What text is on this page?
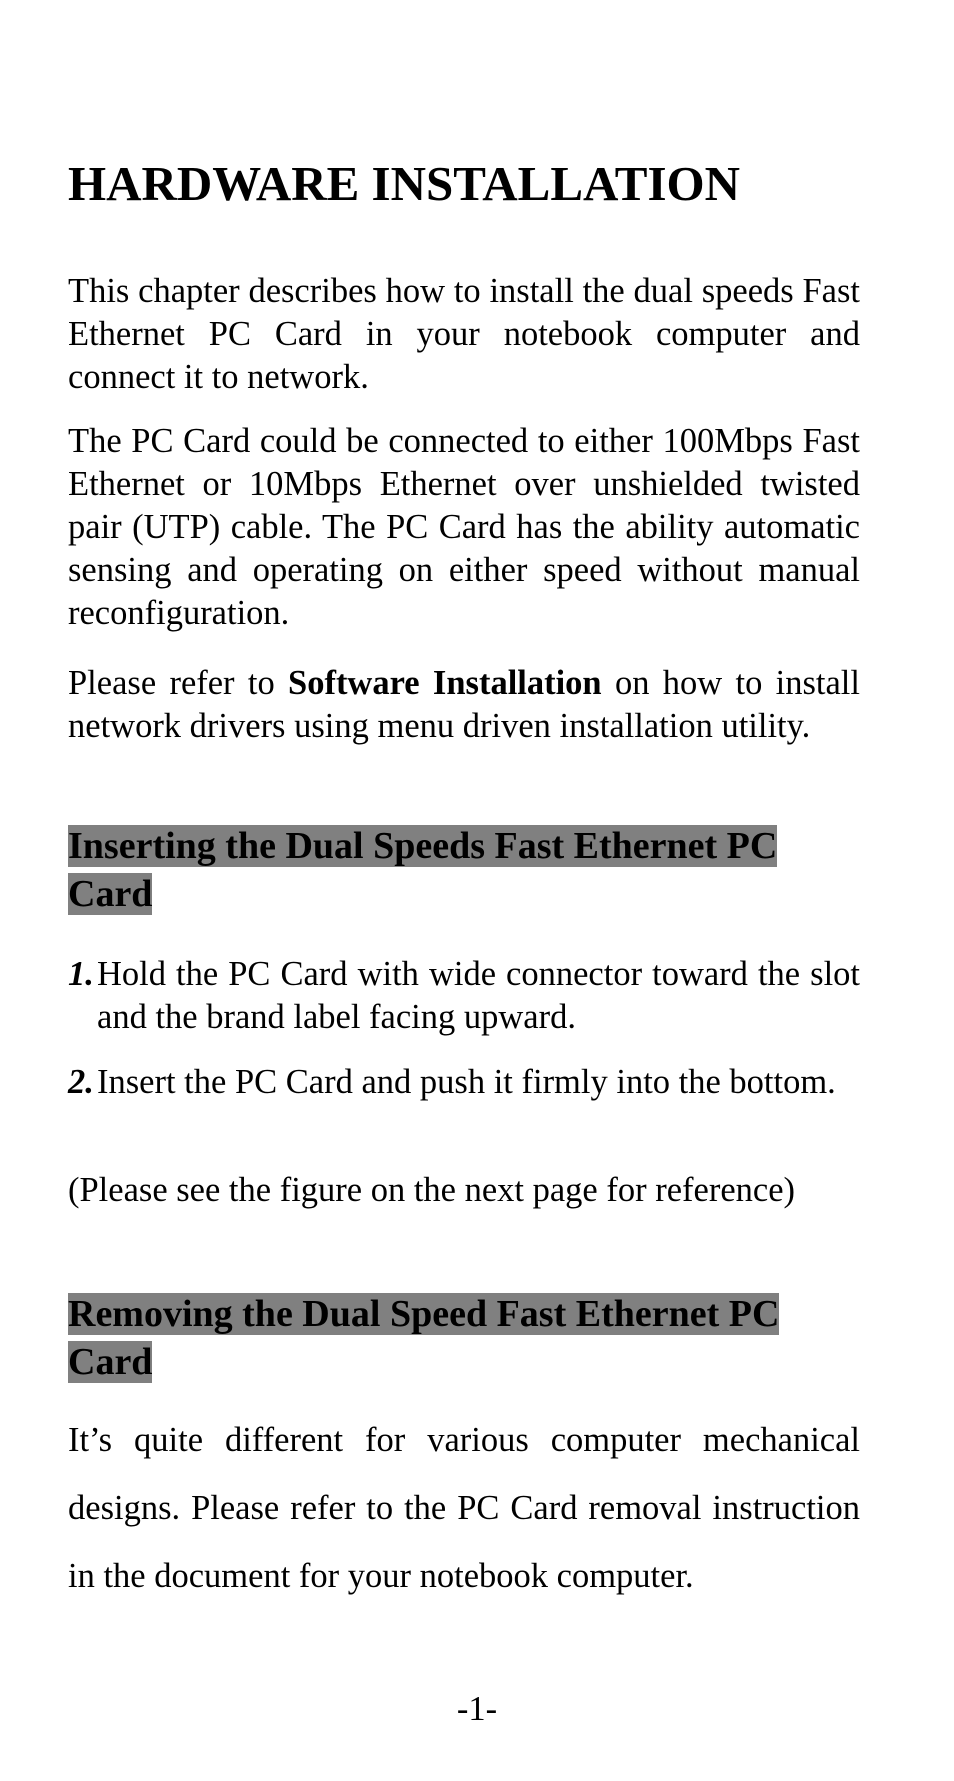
HARDWARE INSTALLATION

This chapter describes how to install the dual speeds Fast Ethernet PC Card in your notebook computer and connect it to network.

The PC Card could be connected to either 100Mbps Fast Ethernet or 10Mbps Ethernet over unshielded twisted pair (UTP) cable. The PC Card has the ability automatic sensing and operating on either speed without manual reconfiguration.

Please refer to Software Installation on how to install network drivers using menu driven installation utility.

Inserting the Dual Speeds Fast Ethernet PC Card
1. Hold the PC Card with wide connector toward the slot and the brand label facing upward.
2. Insert the PC Card and push it firmly into the bottom.

(Please see the figure on the next page for reference)

Removing the Dual Speed Fast Ethernet PC Card

It’s quite different for various computer mechanical designs. Please refer to the PC Card removal instruction in the document for your notebook computer.

-1-
